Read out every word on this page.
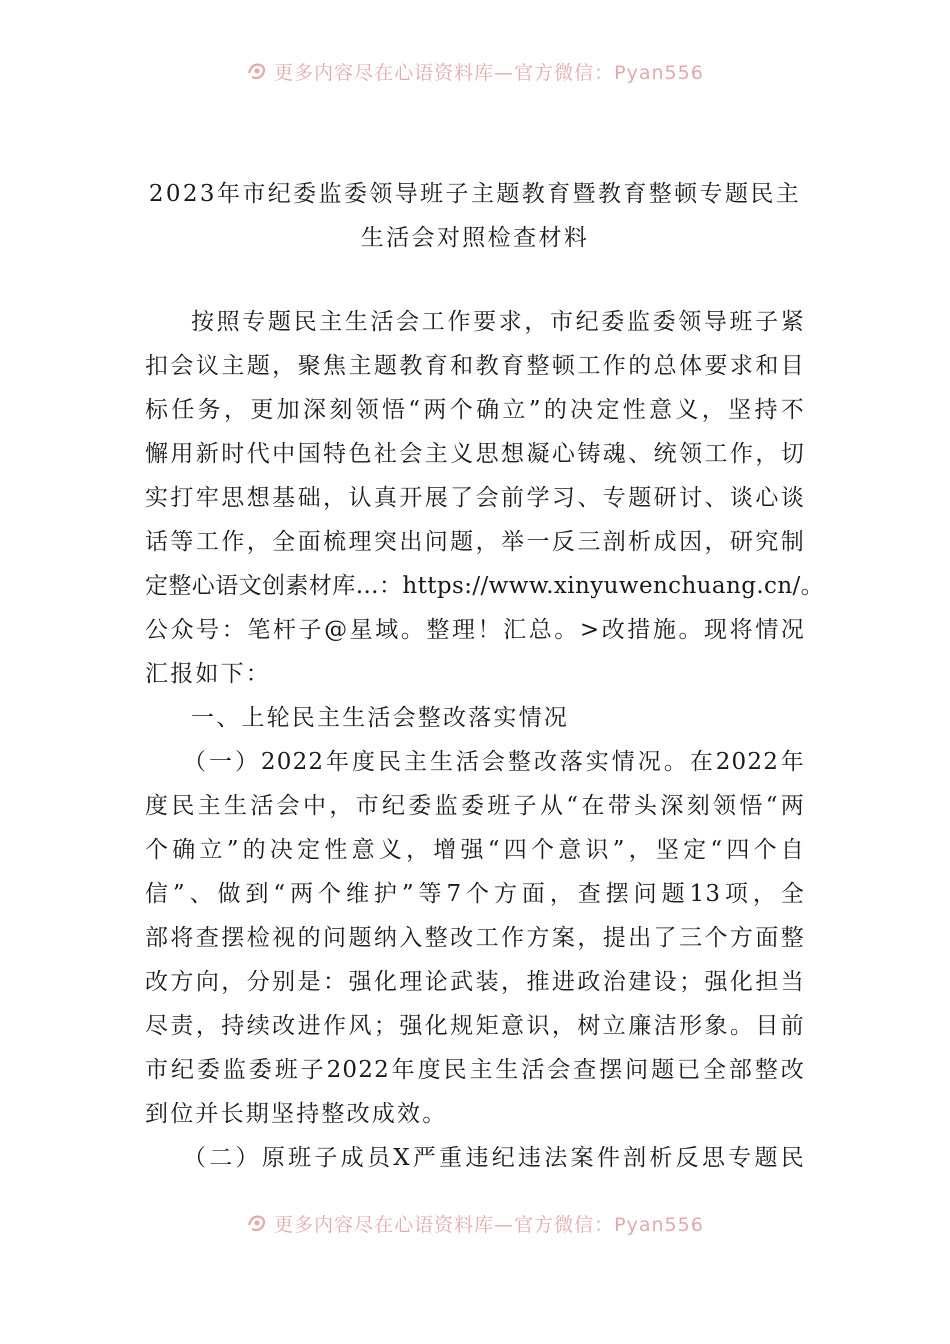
更多内容尽在心语资料库—官方微信：Pyan556
2023年市纪委监委领导班子主题教育暨教育整顿专题民主
生活会对照检查材料
按照专题民主生活会工作要求，市纪委监委领导班子紧
扣会议主题，聚焦主题教育和教育整顿工作的总体要求和目
标任务，更加深刻领悟“两个确立”的决定性意义，坚持不
懈用新时代中国特色社会主义思想凝心铸魂、统领工作，切
实打牢思想基础，认真开展了会前学习、专题研讨、谈心谈
话等工作，全面梳理突出问题，举一反三剖析成因，研究制
定整心语文创素材库…：https://www.xinyuwenchuang.cn/。
公众号：笔杆子@星域。整理！汇总。>改措施。现将情况
汇报如下：
一、上轮民主生活会整改落实情况
（一）2022年度民主生活会整改落实情况。在2022年
度民主生活会中，市纪委监委班子从“在带头深刻领悟“两
个确立”的决定性意义，增强“四个意识”，坚定“四个自
信”、做到“两个维护”等7个方面，查摆问题13项，全
部将查摆检视的问题纳入整改工作方案，提出了三个方面整
改方向，分别是：强化理论武装，推进政治建设；强化担当
尽责，持续改进作风；强化规矩意识，树立廉洁形象。目前
市纪委监委班子2022年度民主生活会查摆问题已全部整改
到位并长期坚持整改成效。
（二）原班子成员X严重违纪违法案件剖析反思专题民
更多内容尽在心语资料库—官方微信：Pyan556
